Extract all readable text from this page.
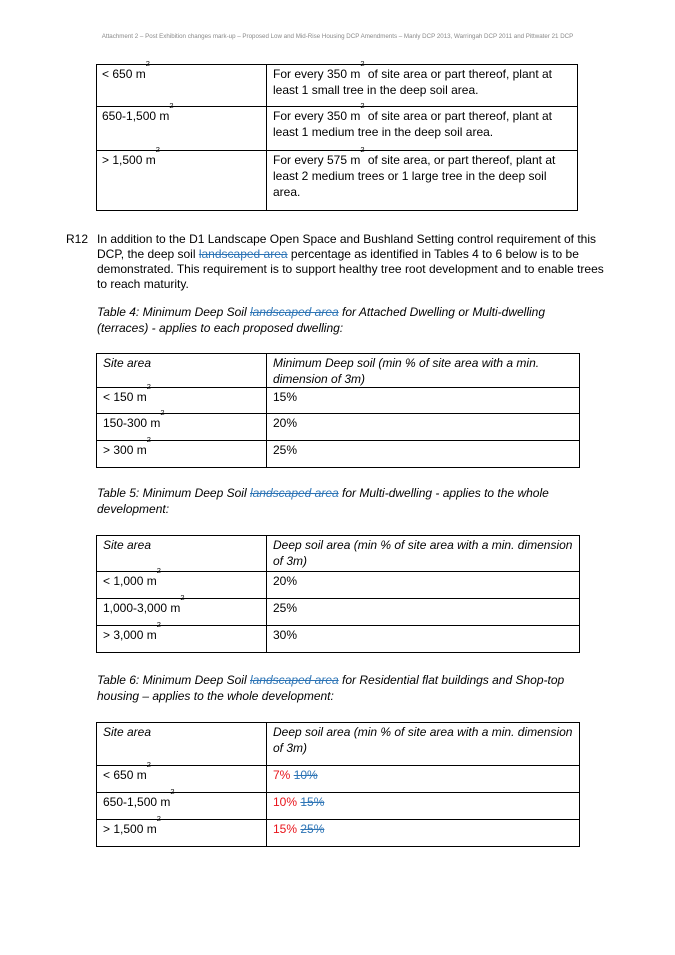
Attachment 2 – Post Exhibition changes mark-up – Proposed Low and Mid-Rise Housing DCP Amendments – Manly DCP 2013, Warringah DCP 2011 and Pittwater 21 DCP
< 650 $m^2$	For every 350 $m^2$ of site area or part thereof, plant at least 1 small tree in the deep soil area.
650-1,500 $m^2$	For every 350 $m^2$ of site area or part thereof, plant at least 1 medium tree in the deep soil area.
> 1,500 $m^2$	For every 575 $m^2$ of site area, or part thereof, plant at least 2 medium trees or 1 large tree in the deep soil area.
R12 In addition to the D1 Landscape Open Space and Bushland Setting control requirement of this DCP, the deep soil landscaped area percentage as identified in Tables 4 to 6 below is to be demonstrated. This requirement is to support healthy tree root development and to enable trees to reach maturity.
Table 4: Minimum Deep Soil landscaped area for Attached Dwelling or Multi-dwelling (terraces) - applies to each proposed dwelling:
Site area	Minimum Deep soil (min % of site area with a min. dimension of 3m)
< 150 $m^2$	15%
150-300 $m^2$	20%
> 300 $m^2$	25%
Table 5: Minimum Deep Soil landscaped area for Multi-dwelling - applies to the whole development:
Site area	Deep soil area (min % of site area with a min. dimension of 3m)
< 1,000 $m^2$	20%
1,000-3,000 $m^2$	25%
> 3,000 $m^2$	30%
Table 6: Minimum Deep Soil landscaped area for Residential flat buildings and Shop-top housing – applies to the whole development:
Site area	Deep soil area (min % of site area with a min. dimension of 3m)
< 650 $m^2$	7% 10%
650-1,500 $m^2$	10% 15%
> 1,500 $m^2$	15% 25%
